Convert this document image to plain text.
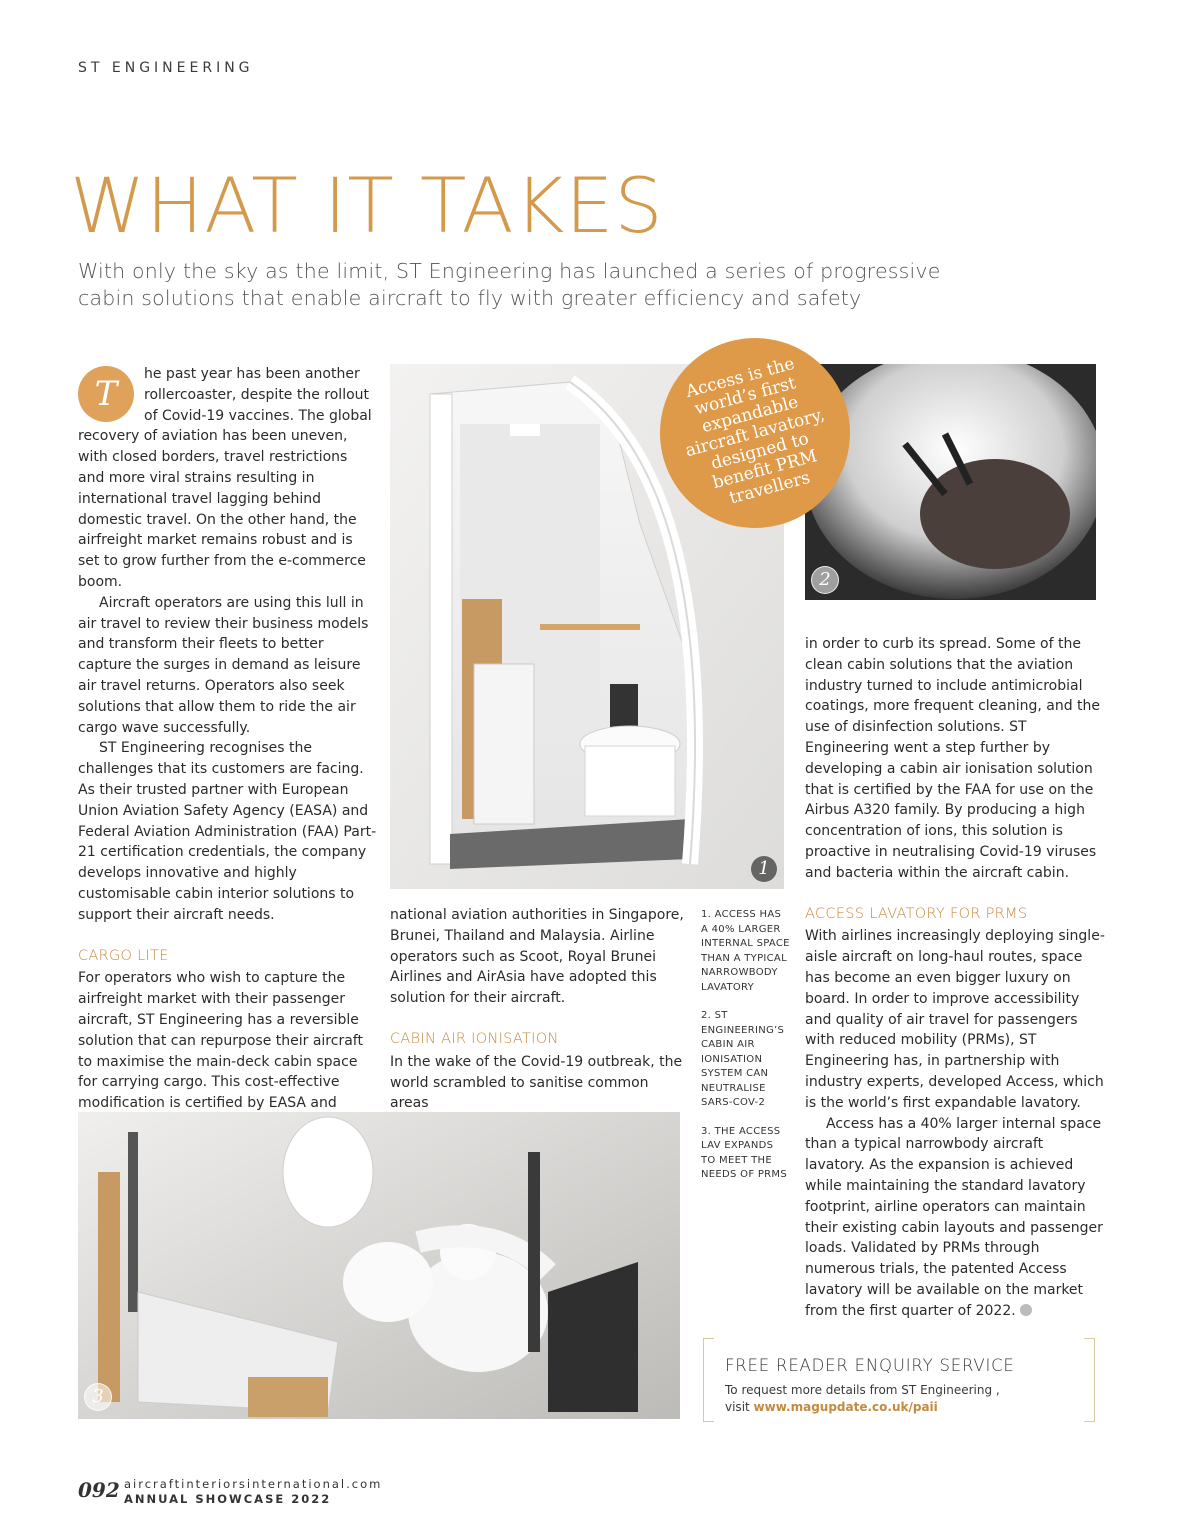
ST ENGINEERING
WHAT IT TAKES
With only the sky as the limit, ST Engineering has launched a series of progressive cabin solutions that enable aircraft to fly with greater efficiency and safety
T	he past year has been another rollercoaster, despite the rollout of Covid-19 vaccines. The global recovery of aviation has been uneven, with closed borders, travel restrictions and more viral strains resulting in international travel lagging behind domestic travel. On the other hand, the airfreight market remains robust and is set to grow further from the e-commerce boom.

Aircraft operators are using this lull in air travel to review their business models and transform their fleets to better capture the surges in demand as leisure air travel returns. Operators also seek solutions that allow them to ride the air cargo wave successfully.

ST Engineering recognises the challenges that its customers are facing. As their trusted partner with European Union Aviation Safety Agency (EASA) and Federal Aviation Administration (FAA) Part-21 certification credentials, the company develops innovative and highly customisable cabin interior solutions to support their aircraft needs.

CARGO LITE

For operators who wish to capture the airfreight market with their passenger aircraft, ST Engineering has a reversible solution that can repurpose their aircraft to maximise the main-deck cabin space for carrying cargo. This cost-effective modification is certified by EASA and

1
2
Access is the world’s first expandable aircraft lavatory, designed to benefit PRM travellers

national aviation authorities in Singapore, Brunei, Thailand and Malaysia. Airline operators such as Scoot, Royal Brunei Airlines and AirAsia have adopted this solution for their aircraft.

CABIN AIR IONISATION

In the wake of the Covid-19 outbreak, the world scrambled to sanitise common areas

1. ACCESS HAS A 40% LARGER INTERNAL SPACE THAN A TYPICAL NARROWBODY LAVATORY

2. ST ENGINEERING’S CABIN AIR IONISATION SYSTEM CAN NEUTRALISE SARS-COV-2

3. THE ACCESS LAV EXPANDS TO MEET THE NEEDS OF PRMS

in order to curb its spread. Some of the clean cabin solutions that the aviation industry turned to include antimicrobial coatings, more frequent cleaning, and the use of disinfection solutions. ST Engineering went a step further by developing a cabin air ionisation solution that is certified by the FAA for use on the Airbus A320 family. By producing a high concentration of ions, this solution is proactive in neutralising Covid-19 viruses and bacteria within the aircraft cabin.

ACCESS LAVATORY FOR PRMS

With airlines increasingly deploying single-aisle aircraft on long-haul routes, space has become an even bigger luxury on board. In order to improve accessibility and quality of air travel for passengers with reduced mobility (PRMs), ST Engineering has, in partnership with industry experts, developed Access, which is the world’s first expandable lavatory.

Access has a 40% larger internal space than a typical narrowbody aircraft lavatory. As the expansion is achieved while maintaining the standard lavatory footprint, airline operators can maintain their existing cabin layouts and passenger loads. Validated by PRMs through numerous trials, the patented Access lavatory will be available on the market from the first quarter of 2022.

3
FREE READER ENQUIRY SERVICE
To request more details from ST Engineering ,
visit www.magupdate.co.uk/paii
092 aircraftinteriorsinternational.com
ANNUAL SHOWCASE 2022
